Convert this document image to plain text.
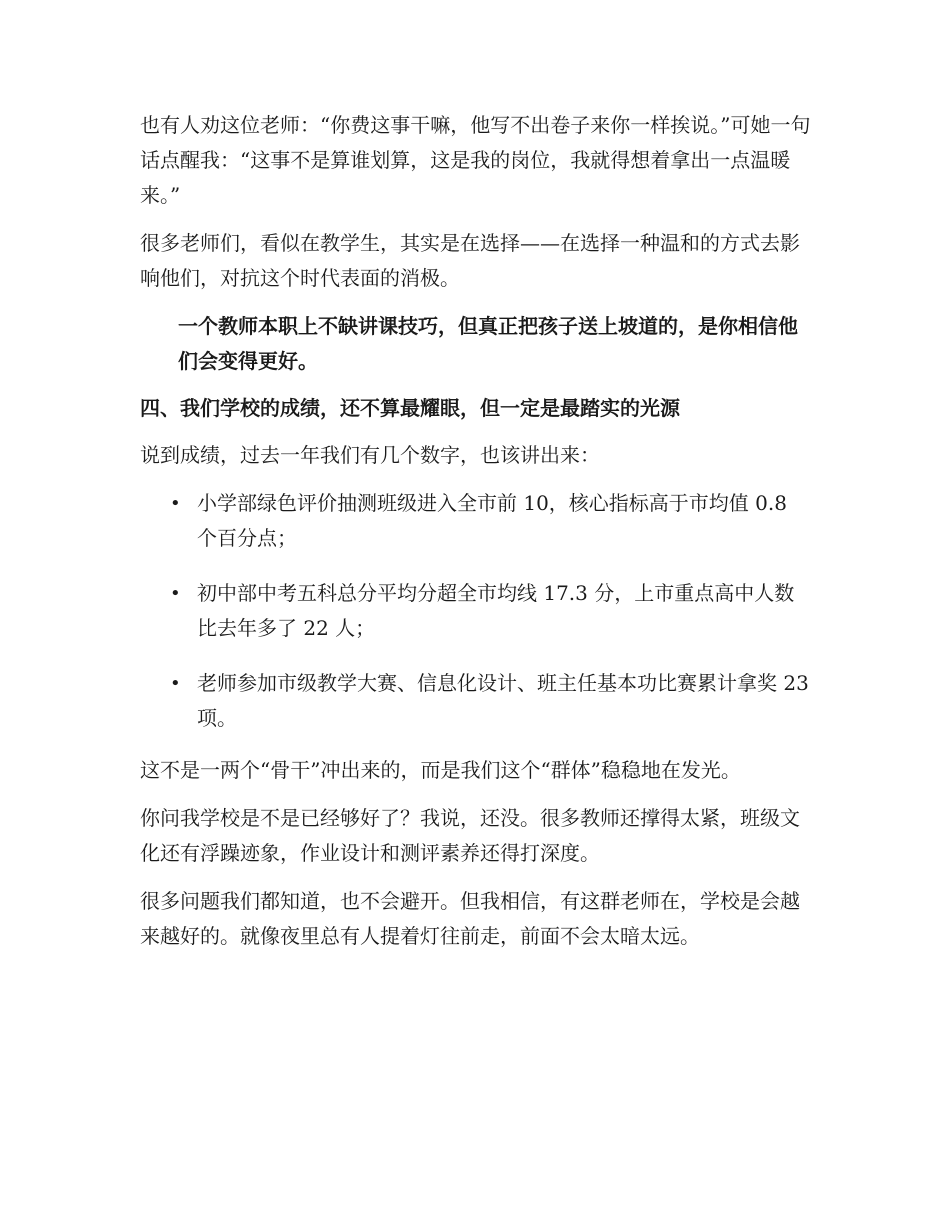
也有人劝这位老师：“你费这事干嘛，他写不出卷子来你一样挨说。”可她一句话点醒我：“这事不是算谁划算，这是我的岗位，我就得想着拿出一点温暖来。”

很多老师们，看似在教学生，其实是在选择——在选择一种温和的方式去影响他们，对抗这个时代表面的消极。

一个教师本职上不缺讲课技巧，但真正把孩子送上坡道的，是你相信他们会变得更好。

四、我们学校的成绩，还不算最耀眼，但一定是最踏实的光源

说到成绩，过去一年我们有几个数字，也该讲出来：

• 小学部绿色评价抽测班级进入全市前 10，核心指标高于市均值 0.8 个百分点；
• 初中部中考五科总分平均分超全市均线 17.3 分，上市重点高中人数比去年多了 22 人；
• 老师参加市级教学大赛、信息化设计、班主任基本功比赛累计拿奖 23 项。

这不是一两个“骨干”冲出来的，而是我们这个“群体”稳稳地在发光。

你问我学校是不是已经够好了？我说，还没。很多教师还撑得太紧，班级文化还有浮躁迹象，作业设计和测评素养还得打深度。

很多问题我们都知道，也不会避开。但我相信，有这群老师在，学校是会越来越好的。就像夜里总有人提着灯往前走，前面不会太暗太远。
